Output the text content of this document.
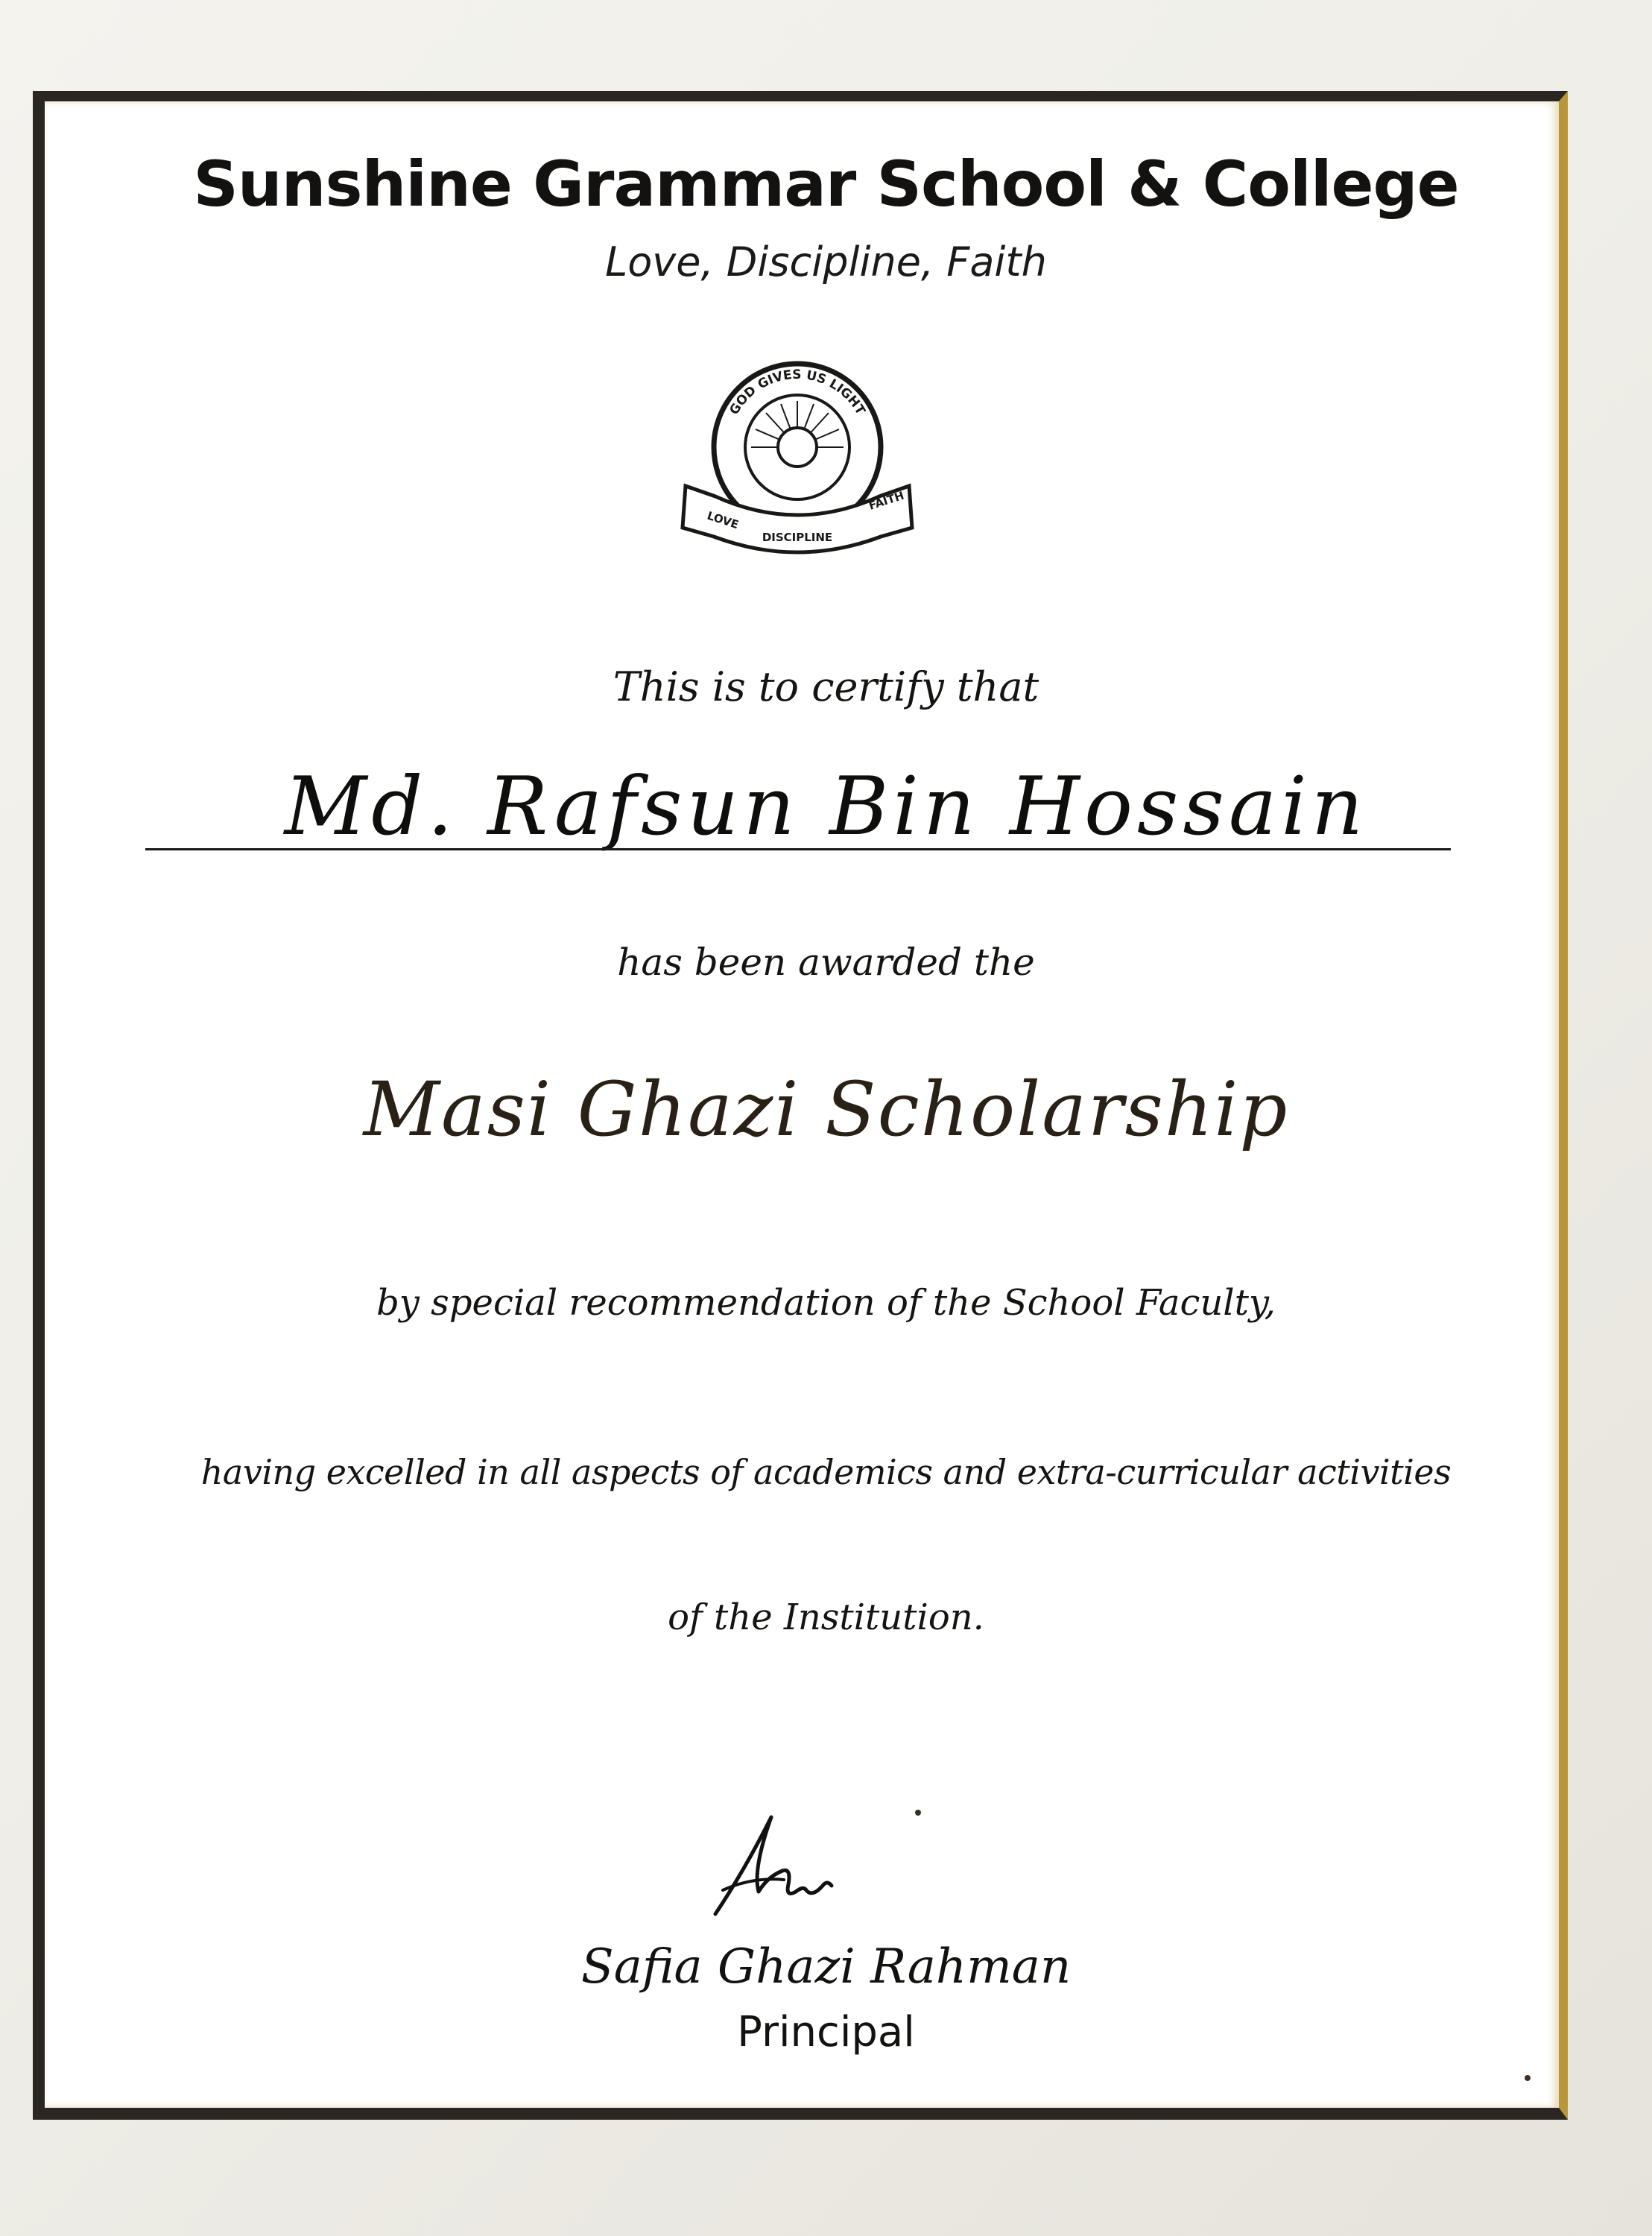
Sunshine Grammar School & College
Love, Discipline, Faith
GOD GIVES US LIGHT
LOVE
DISCIPLINE
FAITH
This is to certify that
Md. Rafsun Bin Hossain
has been awarded the
Masi Ghazi Scholarship
by special recommendation of the School Faculty,
having excelled in all aspects of academics and extra-curricular activities
of the Institution.
Safia Ghazi Rahman
Principal
